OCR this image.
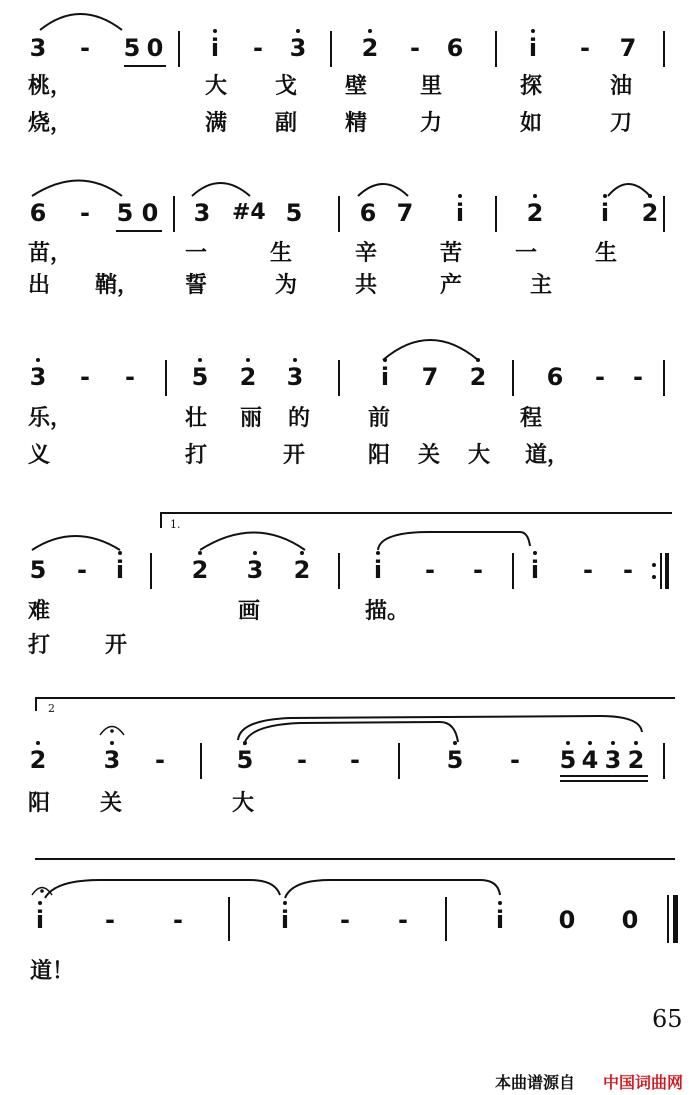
3 - 5 0 i - 3 2 - 6	i - 7
桃，	大 戈 壁 里	探	油
烧，	满 副 精 力	如	刀
6 - 5 0 3 #4 5 6 7 i	2 i 2
苗，	一	生	辛	苦 一	生
出 鞘， 誓	为	共	产	主
3 - - 5 2 3	i 7 2	6 - -
乐，	壮 丽 的	前	程
义	打	开	阳 关 大 道，
1.
5 - i	2 3 2	i - - i - -
难	画	描。
打 开
2
2 3 -	5 - -	5 - 5 4 3 2
阳 关	大
i	- -	i - -	i 0 0
道！
65
本曲谱源自 中国词曲网
